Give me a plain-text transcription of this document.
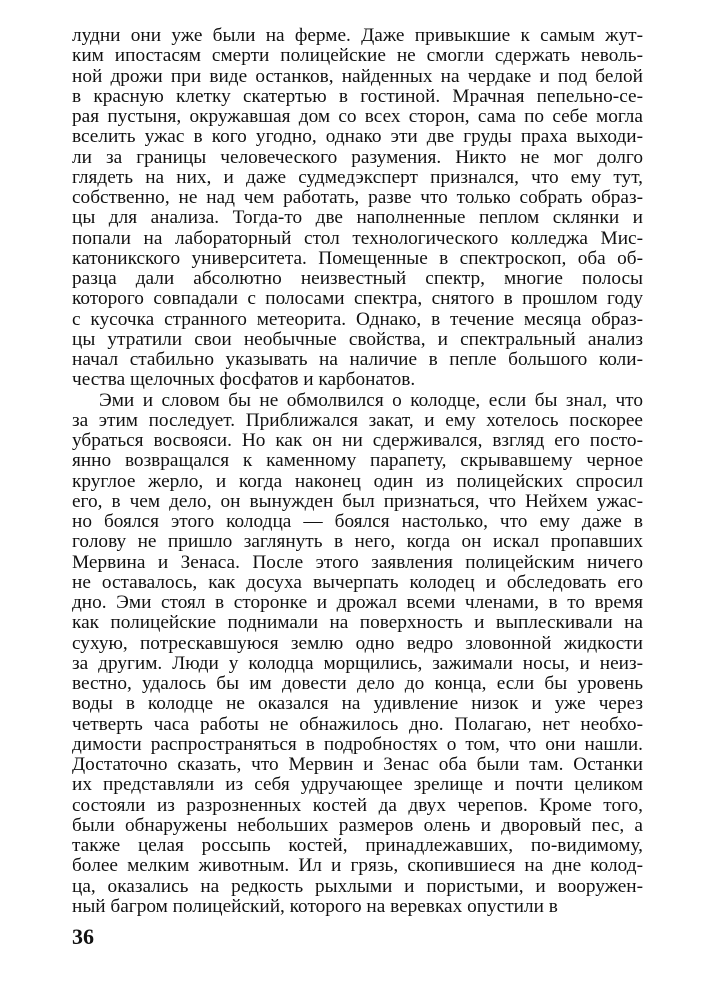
лудни они уже были на ферме. Даже привыкшие к самым жут-
ким ипостасям смерти полицейские не смогли сдержать неволь-
ной дрожи при виде останков, найденных на чердаке и под белой
в красную клетку скатертью в гостиной. Мрачная пепельно-се-
рая пустыня, окружавшая дом со всех сторон, сама по себе могла
вселить ужас в кого угодно, однако эти две груды праха выходи-
ли за границы человеческого разумения. Никто не мог долго
глядеть на них, и даже судмедэксперт признался, что ему тут,
собственно, не над чем работать, разве что только собрать образ-
цы для анализа. Тогда-то две наполненные пеплом склянки и
попали на лабораторный стол технологического колледжа Мис-
катоникского университета. Помещенные в спектроскоп, оба об-
разца дали абсолютно неизвестный спектр, многие полосы
которого совпадали с полосами спектра, снятого в прошлом году
с кусочка странного метеорита. Однако, в течение месяца образ-
цы утратили свои необычные свойства, и спектральный анализ
начал стабильно указывать на наличие в пепле большого коли-
чества щелочных фосфатов и карбонатов.
Эми и словом бы не обмолвился о колодце, если бы знал, что
за этим последует. Приближался закат, и ему хотелось поскорее
убраться восвояси. Но как он ни сдерживался, взгляд его посто-
янно возвращался к каменному парапету, скрывавшему черное
круглое жерло, и когда наконец один из полицейских спросил
его, в чем дело, он вынужден был признаться, что Нейхем ужас-
но боялся этого колодца — боялся настолько, что ему даже в
голову не пришло заглянуть в него, когда он искал пропавших
Мервина и Зенаса. После этого заявления полицейским ничего
не оставалось, как досуха вычерпать колодец и обследовать его
дно. Эми стоял в сторонке и дрожал всеми членами, в то время
как полицейские поднимали на поверхность и выплескивали на
сухую, потрескавшуюся землю одно ведро зловонной жидкости
за другим. Люди у колодца морщились, зажимали носы, и неиз-
вестно, удалось бы им довести дело до конца, если бы уровень
воды в колодце не оказался на удивление низок и уже через
четверть часа работы не обнажилось дно. Полагаю, нет необхо-
димости распространяться в подробностях о том, что они нашли.
Достаточно сказать, что Мервин и Зенас оба были там. Останки
их представляли из себя удручающее зрелище и почти целиком
состояли из разрозненных костей да двух черепов. Кроме того,
были обнаружены небольших размеров олень и дворовый пес, а
также целая россыпь костей, принадлежавших, по-видимому,
более мелким животным. Ил и грязь, скопившиеся на дне колод-
ца, оказались на редкость рыхлыми и пористыми, и вооружен-
ный багром полицейский, которого на веревках опустили в
36
